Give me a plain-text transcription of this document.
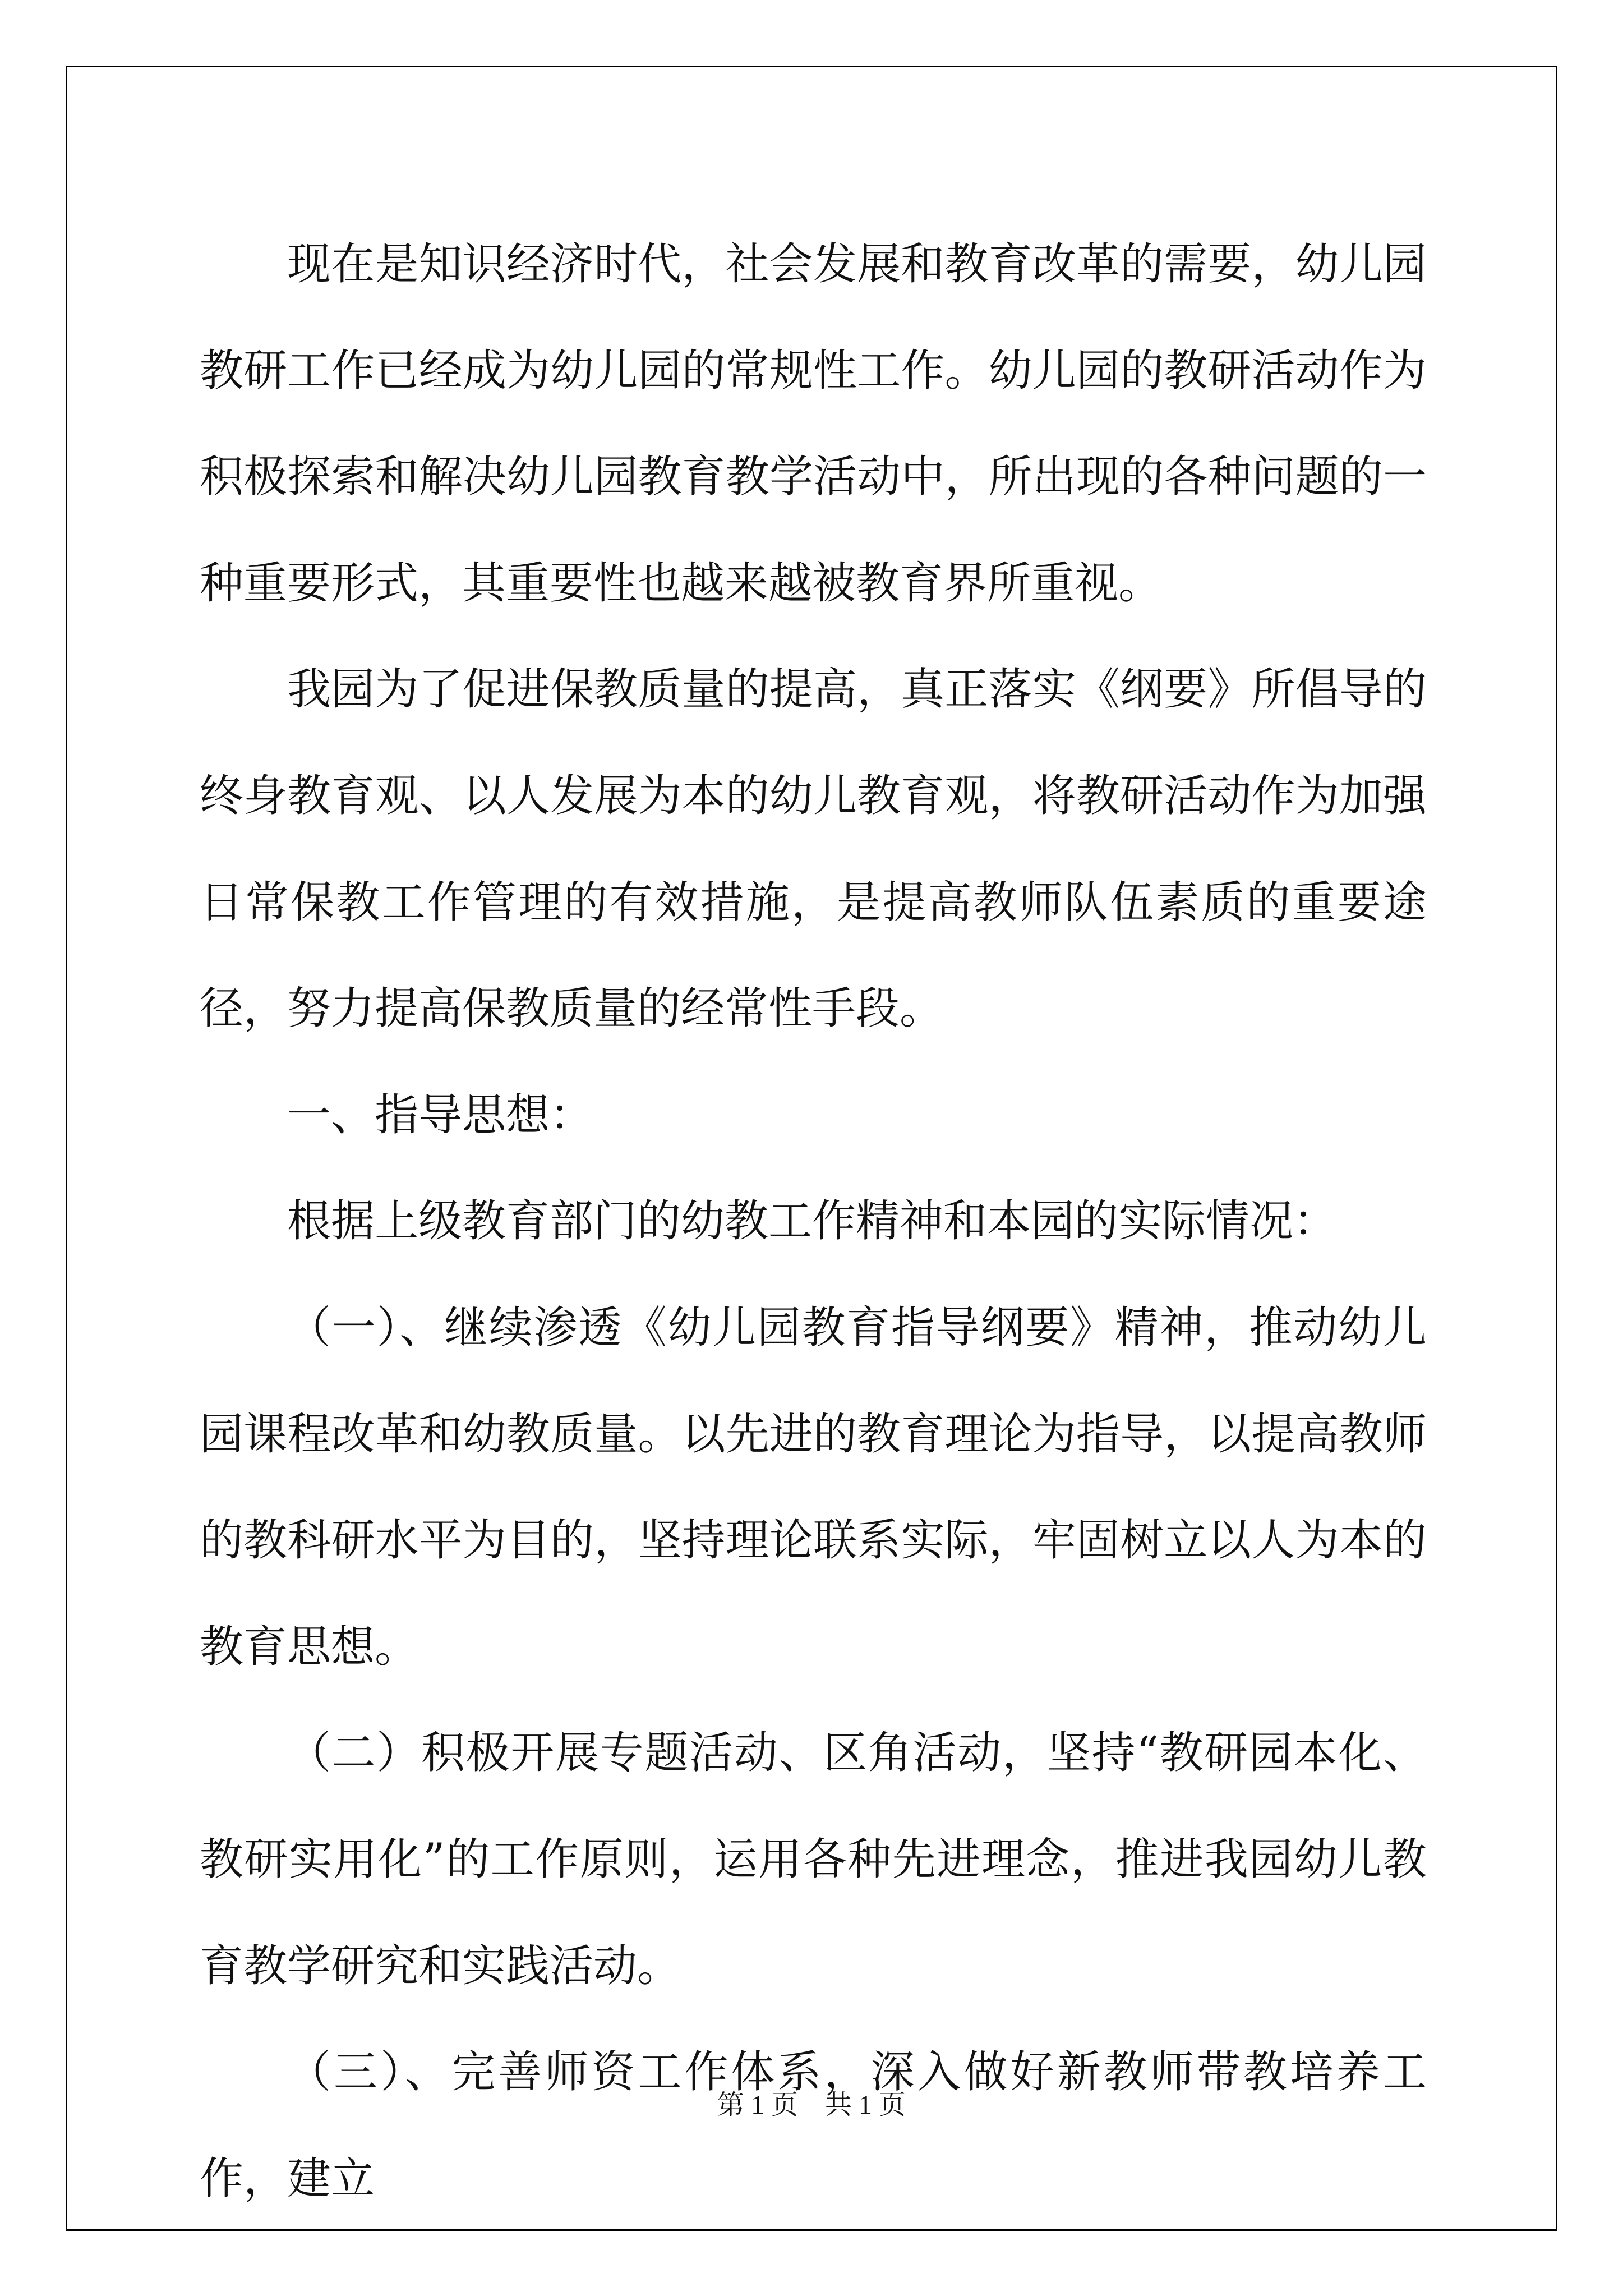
现在是知识经济时代，社会发展和教育改革的需要，幼儿园教研工作已经成为幼儿园的常规性工作。幼儿园的教研活动作为积极探索和解决幼儿园教育教学活动中，所出现的各种问题的一种重要形式，其重要性也越来越被教育界所重视。

我园为了促进保教质量的提高，真正落实《纲要》所倡导的终身教育观、以人发展为本的幼儿教育观，将教研活动作为加强日常保教工作管理的有效措施，是提高教师队伍素质的重要途径，努力提高保教质量的经常性手段。

一、指导思想：

根据上级教育部门的幼教工作精神和本园的实际情况：

（一）、继续渗透《幼儿园教育指导纲要》精神，推动幼儿园课程改革和幼教质量。以先进的教育理论为指导，以提高教师的教科研水平为目的，坚持理论联系实际，牢固树立以人为本的教育思想。

（二）积极开展专题活动、区角活动，坚持“教研园本化、教研实用化”的工作原则，运用各种先进理念，推进我园幼儿教育教学研究和实践活动。

（三）、完善师资工作体系，深入做好新教师带教培养工作，建立

第 1 页 共 1 页
